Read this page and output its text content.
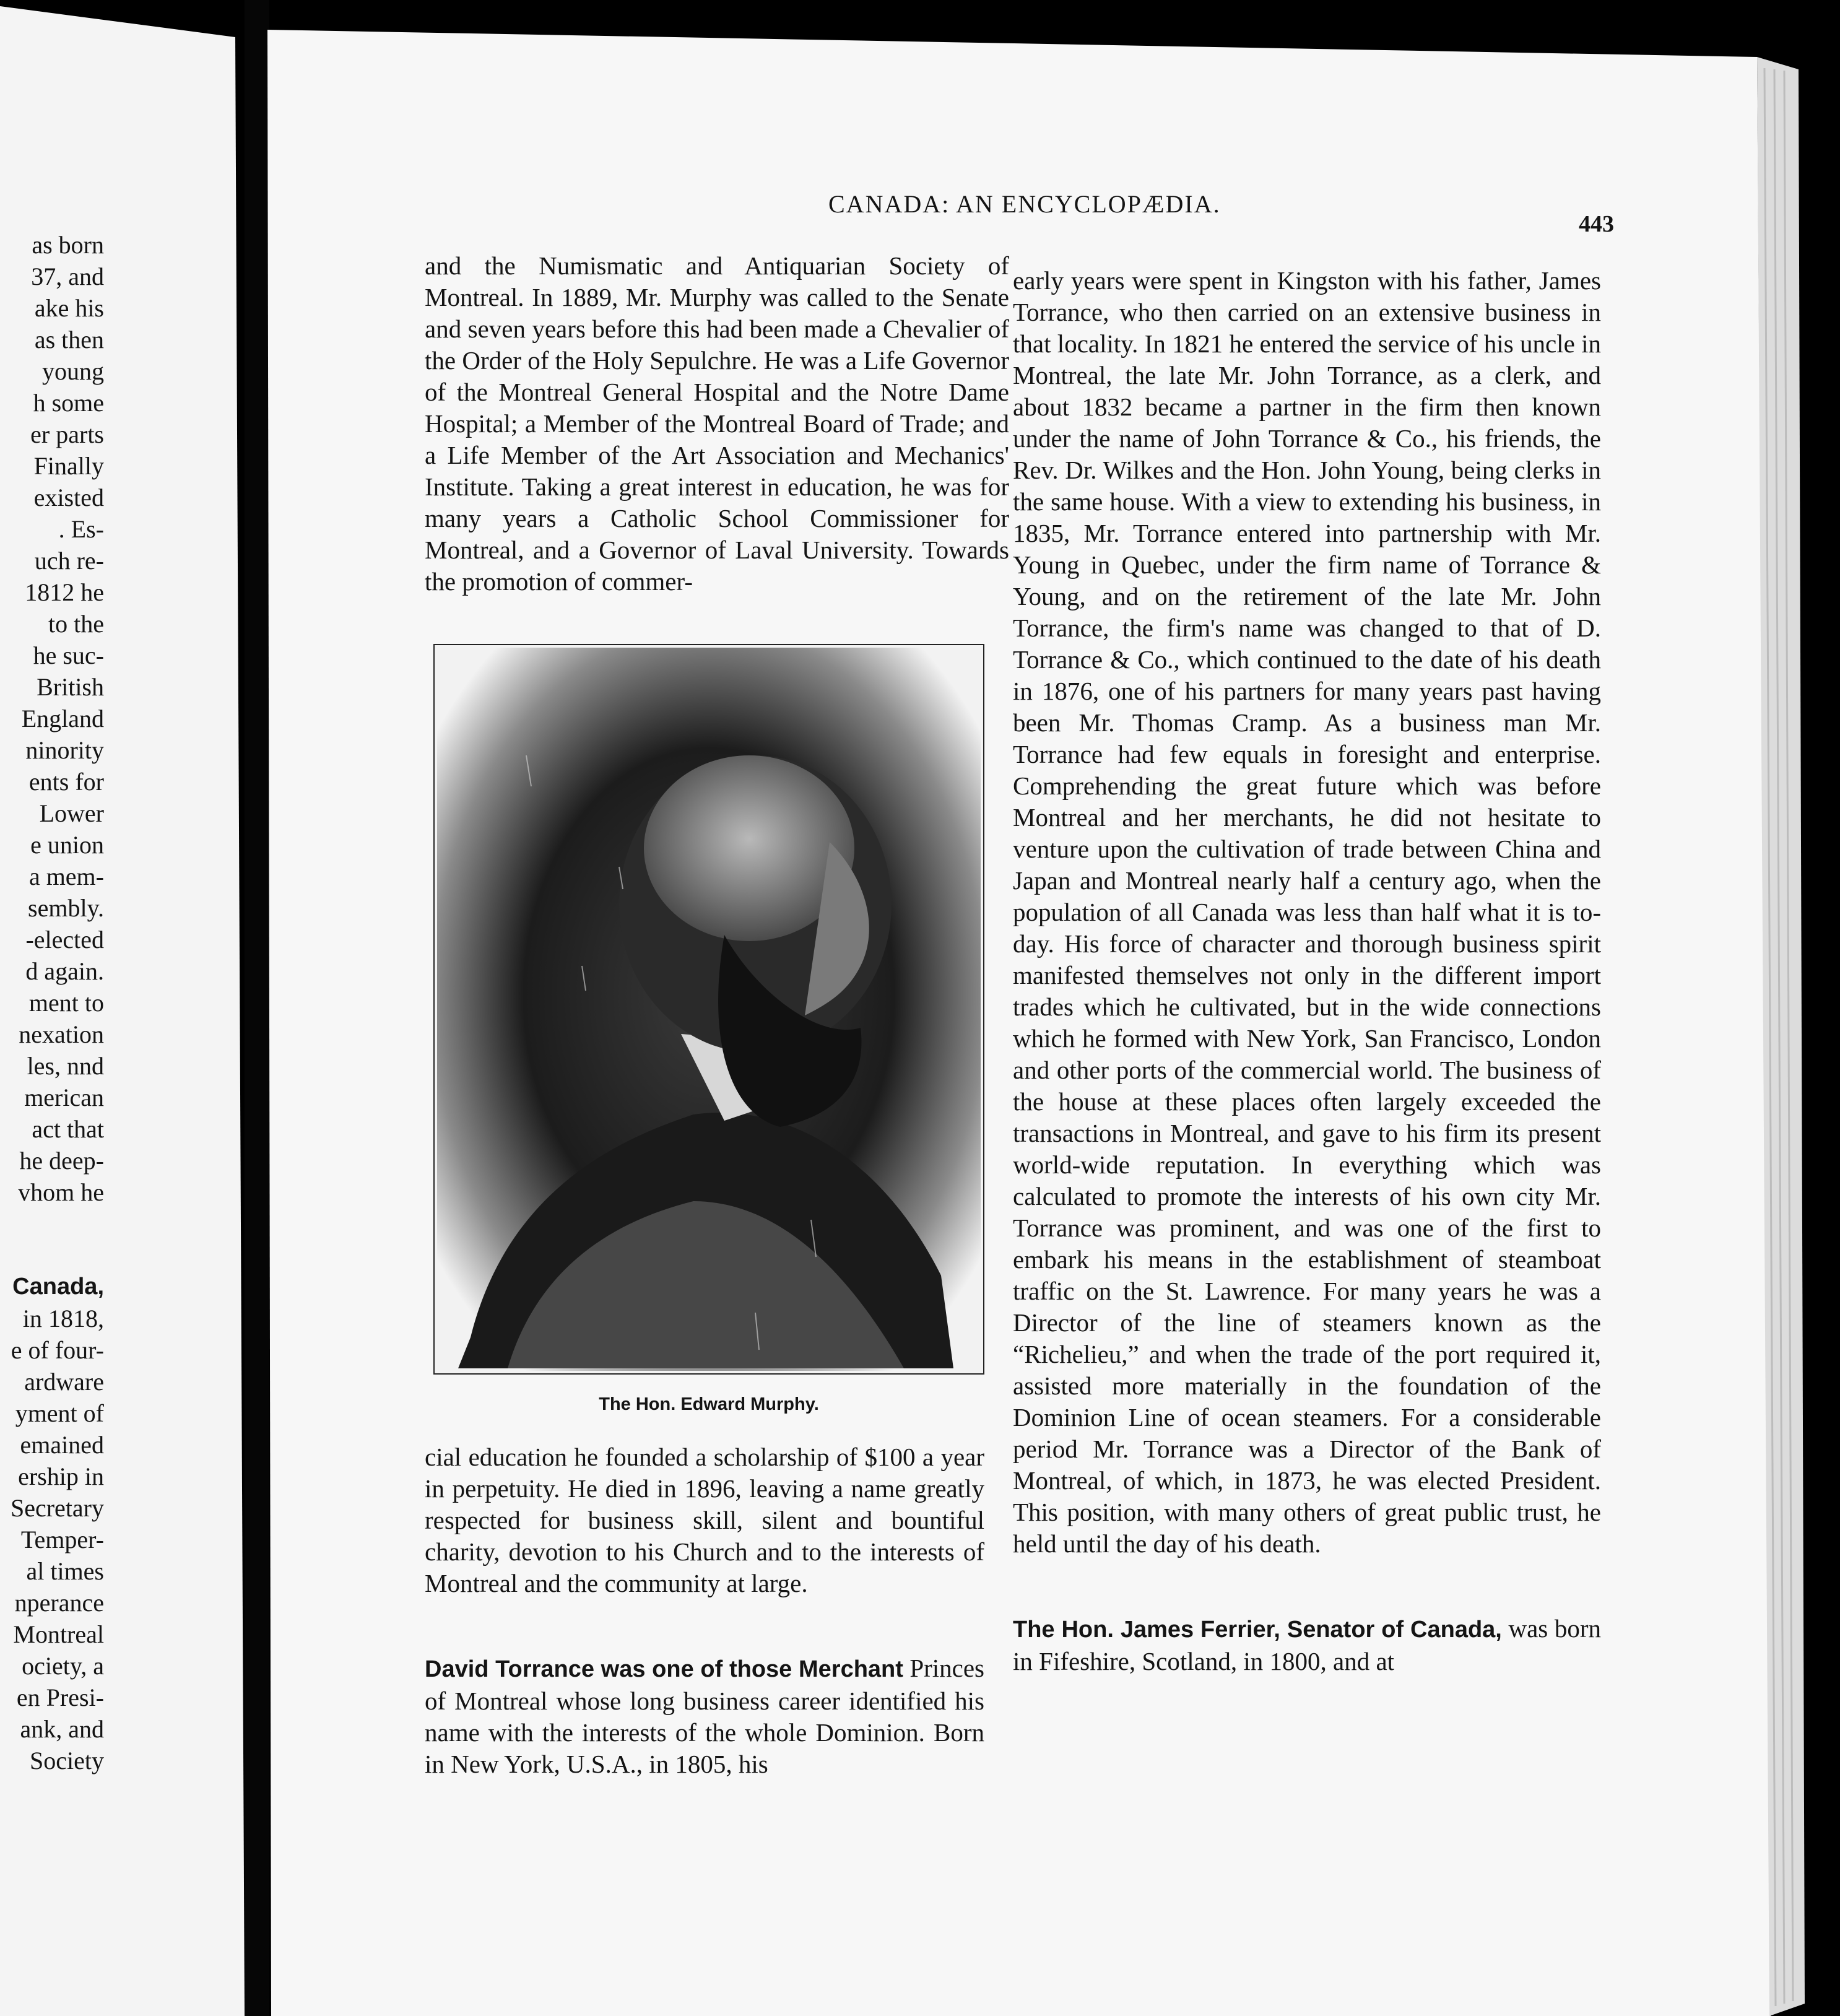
as born
37, and
ake his
as then
young
h some
er parts
Finally
existed
. Es-
uch re-
1812 he
to the
he suc-
British
England
ninority
ents for
Lower
e union
a mem-
sembly.
-elected
d again.
ment to
nexation
les, nnd
merican
act that
he deep-
vhom he
Canada,
in 1818,
e of four-
ardware
yment of
emained
ership in
Secretary
Temper-
al times
nperance
Montreal
ociety, a
en Presi-
ank, and
Society
CANADA: AN ENCYCLOPÆDIA.
443

and the Numismatic and Antiquarian Society of Montreal. In 1889, Mr. Murphy was called to the Senate and seven years before this had been made a Chevalier of the Order of the Holy Sepulchre. He was a Life Governor of the Montreal General Hospital and the Notre Dame Hospital; a Member of the Montreal Board of Trade; and a Life Member of the Art Association and Mechanics' Institute. Taking a great interest in education, he was for many years a Catholic School Commissioner for Montreal, and a Governor of Laval University. Towards the promotion of commer-

The Hon. Edward Murphy.

cial education he founded a scholarship of $100 a year in perpetuity. He died in 1896, leaving a name greatly respected for business skill, silent and bountiful charity, devotion to his Church and to the interests of Montreal and the community at large.

David Torrance was one of those Merchant Princes of Montreal whose long business career identified his name with the interests of the whole Dominion. Born in New York, U.S.A., in 1805, his

early years were spent in Kingston with his father, James Torrance, who then carried on an extensive business in that locality. In 1821 he entered the service of his uncle in Montreal, the late Mr. John Torrance, as a clerk, and about 1832 became a partner in the firm then known under the name of John Torrance & Co., his friends, the Rev. Dr. Wilkes and the Hon. John Young, being clerks in the same house. With a view to extending his business, in 1835, Mr. Torrance entered into partnership with Mr. Young in Quebec, under the firm name of Torrance & Young, and on the retirement of the late Mr. John Torrance, the firm's name was changed to that of D. Torrance & Co., which continued to the date of his death in 1876, one of his partners for many years past having been Mr. Thomas Cramp. As a business man Mr. Torrance had few equals in foresight and enterprise. Comprehending the great future which was before Montreal and her merchants, he did not hesitate to venture upon the cultivation of trade between China and Japan and Montreal nearly half a century ago, when the population of all Canada was less than half what it is to-day. His force of character and thorough business spirit manifested themselves not only in the different import trades which he cultivated, but in the wide connections which he formed with New York, San Francisco, London and other ports of the commercial world. The business of the house at these places often largely exceeded the transactions in Montreal, and gave to his firm its present world-wide reputation. In everything which was calculated to promote the interests of his own city Mr. Torrance was prominent, and was one of the first to embark his means in the establishment of steamboat traffic on the St. Lawrence. For many years he was a Director of the line of steamers known as the “Richelieu,” and when the trade of the port required it, assisted more materially in the foundation of the Dominion Line of ocean steamers. For a considerable period Mr. Torrance was a Director of the Bank of Montreal, of which, in 1873, he was elected President. This position, with many others of great public trust, he held until the day of his death.

The Hon. James Ferrier, Senator of Canada, was born in Fifeshire, Scotland, in 1800, and at
